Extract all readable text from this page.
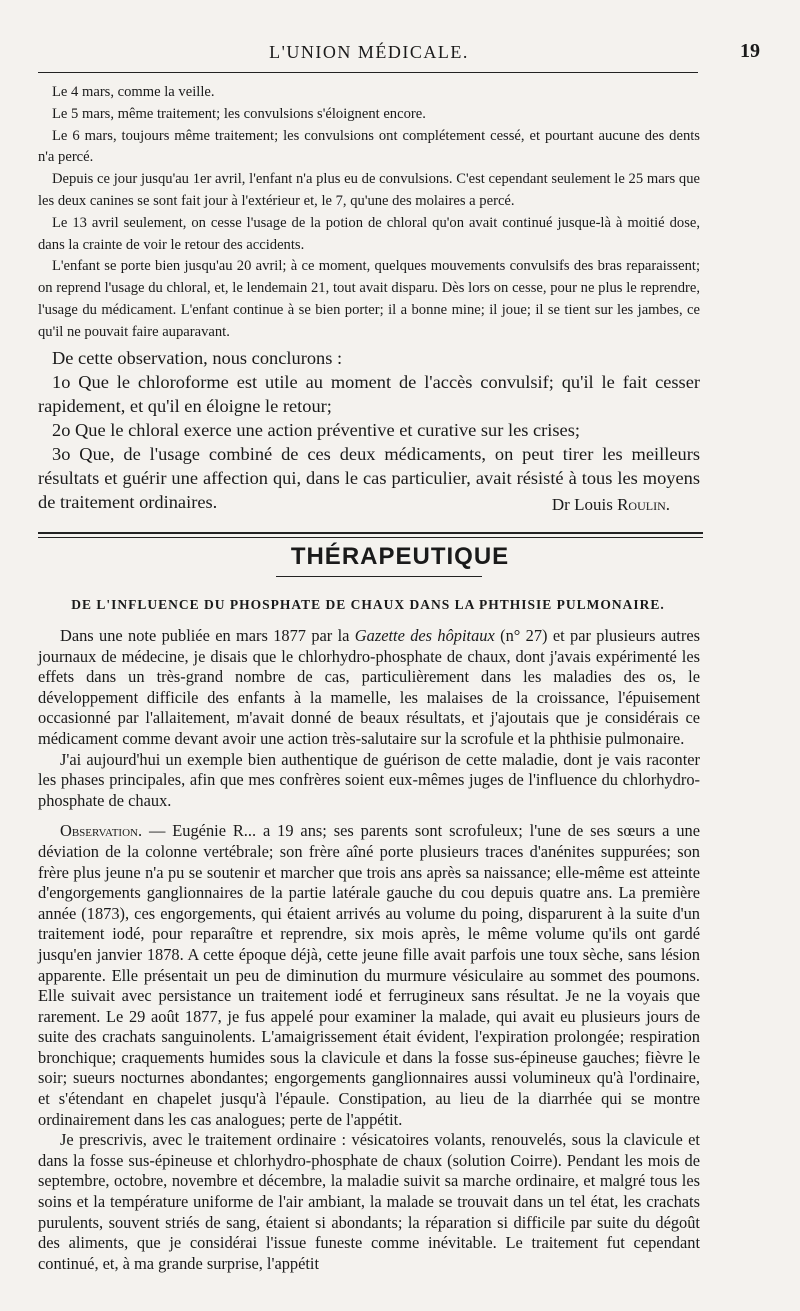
L'UNION MÉDICALE.	19

Le 4 mars, comme la veille.

Le 5 mars, même traitement; les convulsions s'éloignent encore.

Le 6 mars, toujours même traitement; les convulsions ont complétement cessé, et pourtant aucune des dents n'a percé.

Depuis ce jour jusqu'au 1er avril, l'enfant n'a plus eu de convulsions. C'est cependant seulement le 25 mars que les deux canines se sont fait jour à l'extérieur et, le 7, qu'une des molaires a percé.

Le 13 avril seulement, on cesse l'usage de la potion de chloral qu'on avait continué jusque-là à moitié dose, dans la crainte de voir le retour des accidents.

L'enfant se porte bien jusqu'au 20 avril; à ce moment, quelques mouvements convulsifs des bras reparaissent; on reprend l'usage du chloral, et, le lendemain 21, tout avait disparu. Dès lors on cesse, pour ne plus le reprendre, l'usage du médicament. L'enfant continue à se bien porter; il a bonne mine; il joue; il se tient sur les jambes, ce qu'il ne pouvait faire auparavant.

De cette observation, nous conclurons :

1o Que le chloroforme est utile au moment de l'accès convulsif; qu'il le fait cesser rapidement, et qu'il en éloigne le retour;

2o Que le chloral exerce une action préventive et curative sur les crises;

3o Que, de l'usage combiné de ces deux médicaments, on peut tirer les meilleurs résultats et guérir une affection qui, dans le cas particulier, avait résisté à tous les moyens de traitement ordinaires.	Dr Louis Roulin.
THÉRAPEUTIQUE
DE L'INFLUENCE DU PHOSPHATE DE CHAUX DANS LA PHTHISIE PULMONAIRE.

Dans une note publiée en mars 1877 par la Gazette des hôpitaux (n° 27) et par plusieurs autres journaux de médecine, je disais que le chlorhydro-phosphate de chaux, dont j'avais expérimenté les effets dans un très-grand nombre de cas, particulièrement dans les maladies des os, le développement difficile des enfants à la mamelle, les malaises de la croissance, l'épuisement occasionné par l'allaitement, m'avait donné de beaux résultats, et j'ajoutais que je considérais ce médicament comme devant avoir une action très-salutaire sur la scrofule et la phthisie pulmonaire.

J'ai aujourd'hui un exemple bien authentique de guérison de cette maladie, dont je vais raconter les phases principales, afin que mes confrères soient eux-mêmes juges de l'influence du chlorhydro-phosphate de chaux.

Observation. — Eugénie R... a 19 ans; ses parents sont scrofuleux; l'une de ses sœurs a une déviation de la colonne vertébrale; son frère aîné porte plusieurs traces d'anénites suppurées; son frère plus jeune n'a pu se soutenir et marcher que trois ans après sa naissance; elle-même est atteinte d'engorgements ganglionnaires de la partie latérale gauche du cou depuis quatre ans. La première année (1873), ces engorgements, qui étaient arrivés au volume du poing, disparurent à la suite d'un traitement iodé, pour reparaître et reprendre, six mois après, le même volume qu'ils ont gardé jusqu'en janvier 1878. A cette époque déjà, cette jeune fille avait parfois une toux sèche, sans lésion apparente. Elle présentait un peu de diminution du murmure vésiculaire au sommet des poumons. Elle suivait avec persistance un traitement iodé et ferrugineux sans résultat. Je ne la voyais que rarement. Le 29 août 1877, je fus appelé pour examiner la malade, qui avait eu plusieurs jours de suite des crachats sanguinolents. L'amaigrissement était évident, l'expiration prolongée; respiration bronchique; craquements humides sous la clavicule et dans la fosse sus-épineuse gauches; fièvre le soir; sueurs nocturnes abondantes; engorgements ganglionnaires aussi volumineux qu'à l'ordinaire, et s'étendant en chapelet jusqu'à l'épaule. Constipation, au lieu de la diarrhée qui se montre ordinairement dans les cas analogues; perte de l'appétit.

Je prescrivis, avec le traitement ordinaire : vésicatoires volants, renouvelés, sous la clavicule et dans la fosse sus-épineuse et chlorhydro-phosphate de chaux (solution Coirre). Pendant les mois de septembre, octobre, novembre et décembre, la maladie suivit sa marche ordinaire, et malgré tous les soins et la température uniforme de l'air ambiant, la malade se trouvait dans un tel état, les crachats purulents, souvent striés de sang, étaient si abondants; la réparation si difficile par suite du dégoût des aliments, que je considérai l'issue funeste comme inévitable. Le traitement fut cependant continué, et, à ma grande surprise, l'appétit
